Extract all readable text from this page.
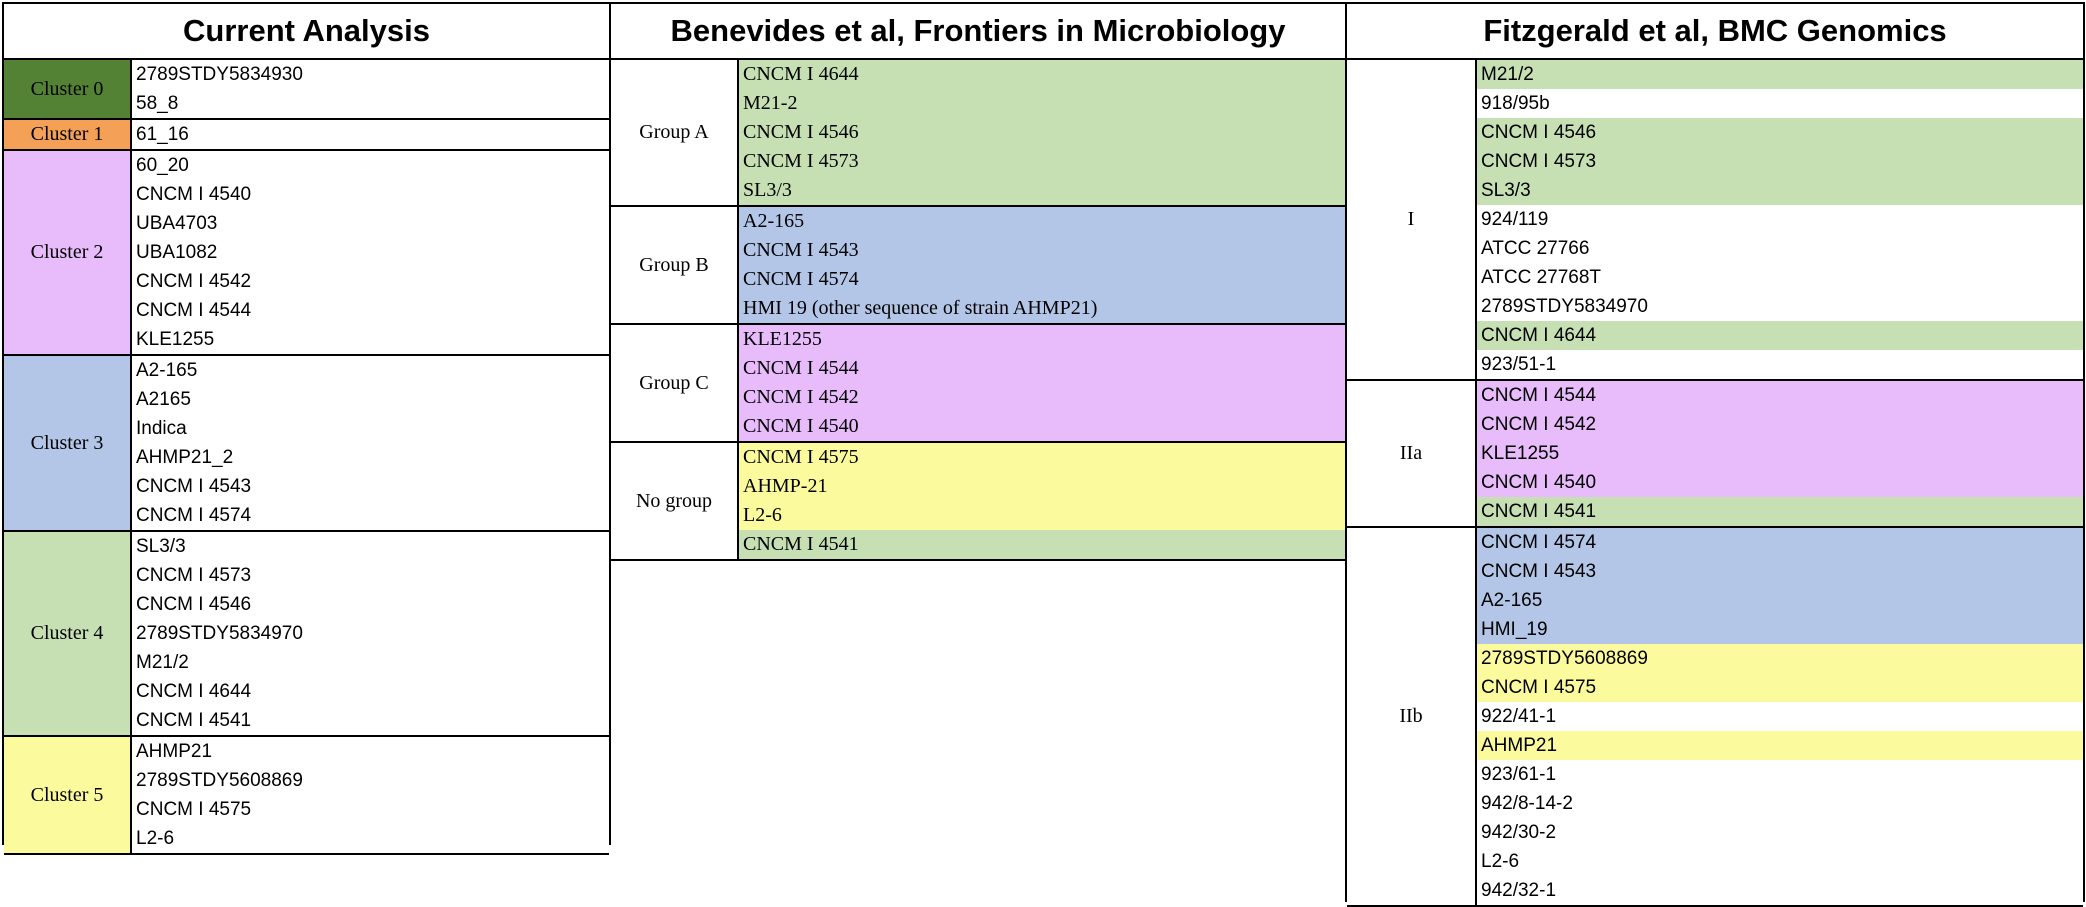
Current Analysis
Cluster 0
2789STDY5834930
58_8
Cluster 1	61_16
Cluster 2
60_20
CNCM I 4540
UBA4703
UBA1082
CNCM I 4542
CNCM I 4544
KLE1255
Cluster 3
A2-165
A2165
Indica
AHMP21_2
CNCM I 4543
CNCM I 4574
Cluster 4
SL3/3
CNCM I 4573
CNCM I 4546
2789STDY5834970
M21/2
CNCM I 4644
CNCM I 4541
Cluster 5
AHMP21
2789STDY5608869
CNCM I 4575
L2-6
Benevides et al, Frontiers in Microbiology
Group A
CNCM I 4644
M21-2
CNCM I 4546
CNCM I 4573
SL3/3
Group B
A2-165
CNCM I 4543
CNCM I 4574
HMI 19 (other sequence of strain AHMP21)
Group C
KLE1255
CNCM I 4544
CNCM I 4542
CNCM I 4540
No group
CNCM I 4575
AHMP-21
L2-6
CNCM I 4541
Fitzgerald et al, BMC Genomics
I
M21/2
918/95b
CNCM I 4546
CNCM I 4573
SL3/3
924/119
ATCC 27766
ATCC 27768T
2789STDY5834970
CNCM I 4644
923/51-1
IIa
CNCM I 4544
CNCM I 4542
KLE1255
CNCM I 4540
CNCM I 4541
IIb
CNCM I 4574
CNCM I 4543
A2-165
HMI_19
2789STDY5608869
CNCM I 4575
922/41-1
AHMP21
923/61-1
942/8-14-2
942/30-2
L2-6
942/32-1
